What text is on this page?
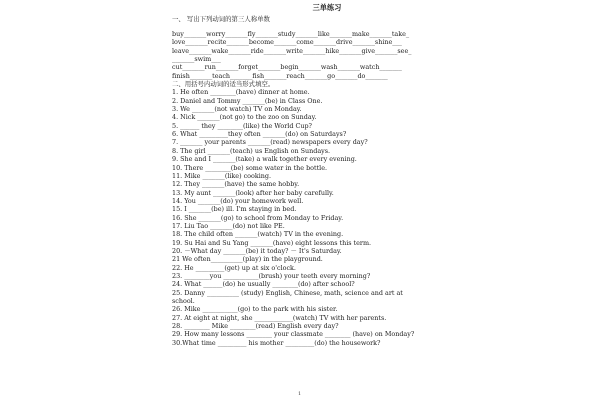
三单练习
一、 写出下列动词的第三人称单数
buy_______worry_______fly_______study_______like_______make_______take_
love_______recite_______become_______come_______drive_______shine___
leave_______wake_______ride_______write_______hike_______give_______see_
_______swim___
cut_______run_______forget_______begin_______wash_______watch_______
finish_______teach_______fish_______reach_______go_______do_______
二、用括号内动词的适当形式填空。
1. He often ________(have) dinner at home.
2. Daniel and Tommy _______(be) in Class One.
3. We _______(not watch) TV on Monday.
4. Nick _______(not go) to the zoo on Sunday.
5. ______ they ________(like) the World Cup?
6. What _________they often _______(do) on Saturdays?
7. _______ your parents _______(read) newspapers every day?
8. The girl _______(teach) us English on Sundays.
9. She and I _______(take) a walk together every evening.
10. There ________(be) some water in the bottle.
11. Mike _______(like) cooking.
12. They _______(have) the same hobby.
13. My aunt _______(look) after her baby carefully.
14. You _______(do) your homework well.
15. I _______(be) ill. I'm staying in bed.
16. She _______(go) to school from Monday to Friday.
17. Liu Tao _______(do) not like PE.
18. The child often _______(watch) TV in the evening.
19. Su Hai and Su Yang _______(have) eight lessons this term.
20. －What day _______(be) it today? － It's Saturday.
21 We often__________(play) in the playground.
22. He _________(get) up at six o'clock.
23. ________you ___________(brush) your teeth every morning?
24. What ______(do) he usually ________(do) after school?
25. Danny __________ (study) English, Chinese, math, science and art at
school.
26. Mike ___________(go) to the park with his sister.
27. At eight at night, she ____________(watch) TV with her parents.
28. ________ Mike ________(read) English every day?
29. How many lessons ________ your classmate ________ (have) on Monday?
30.What time _________ his mother _________(do) the housework?
1
